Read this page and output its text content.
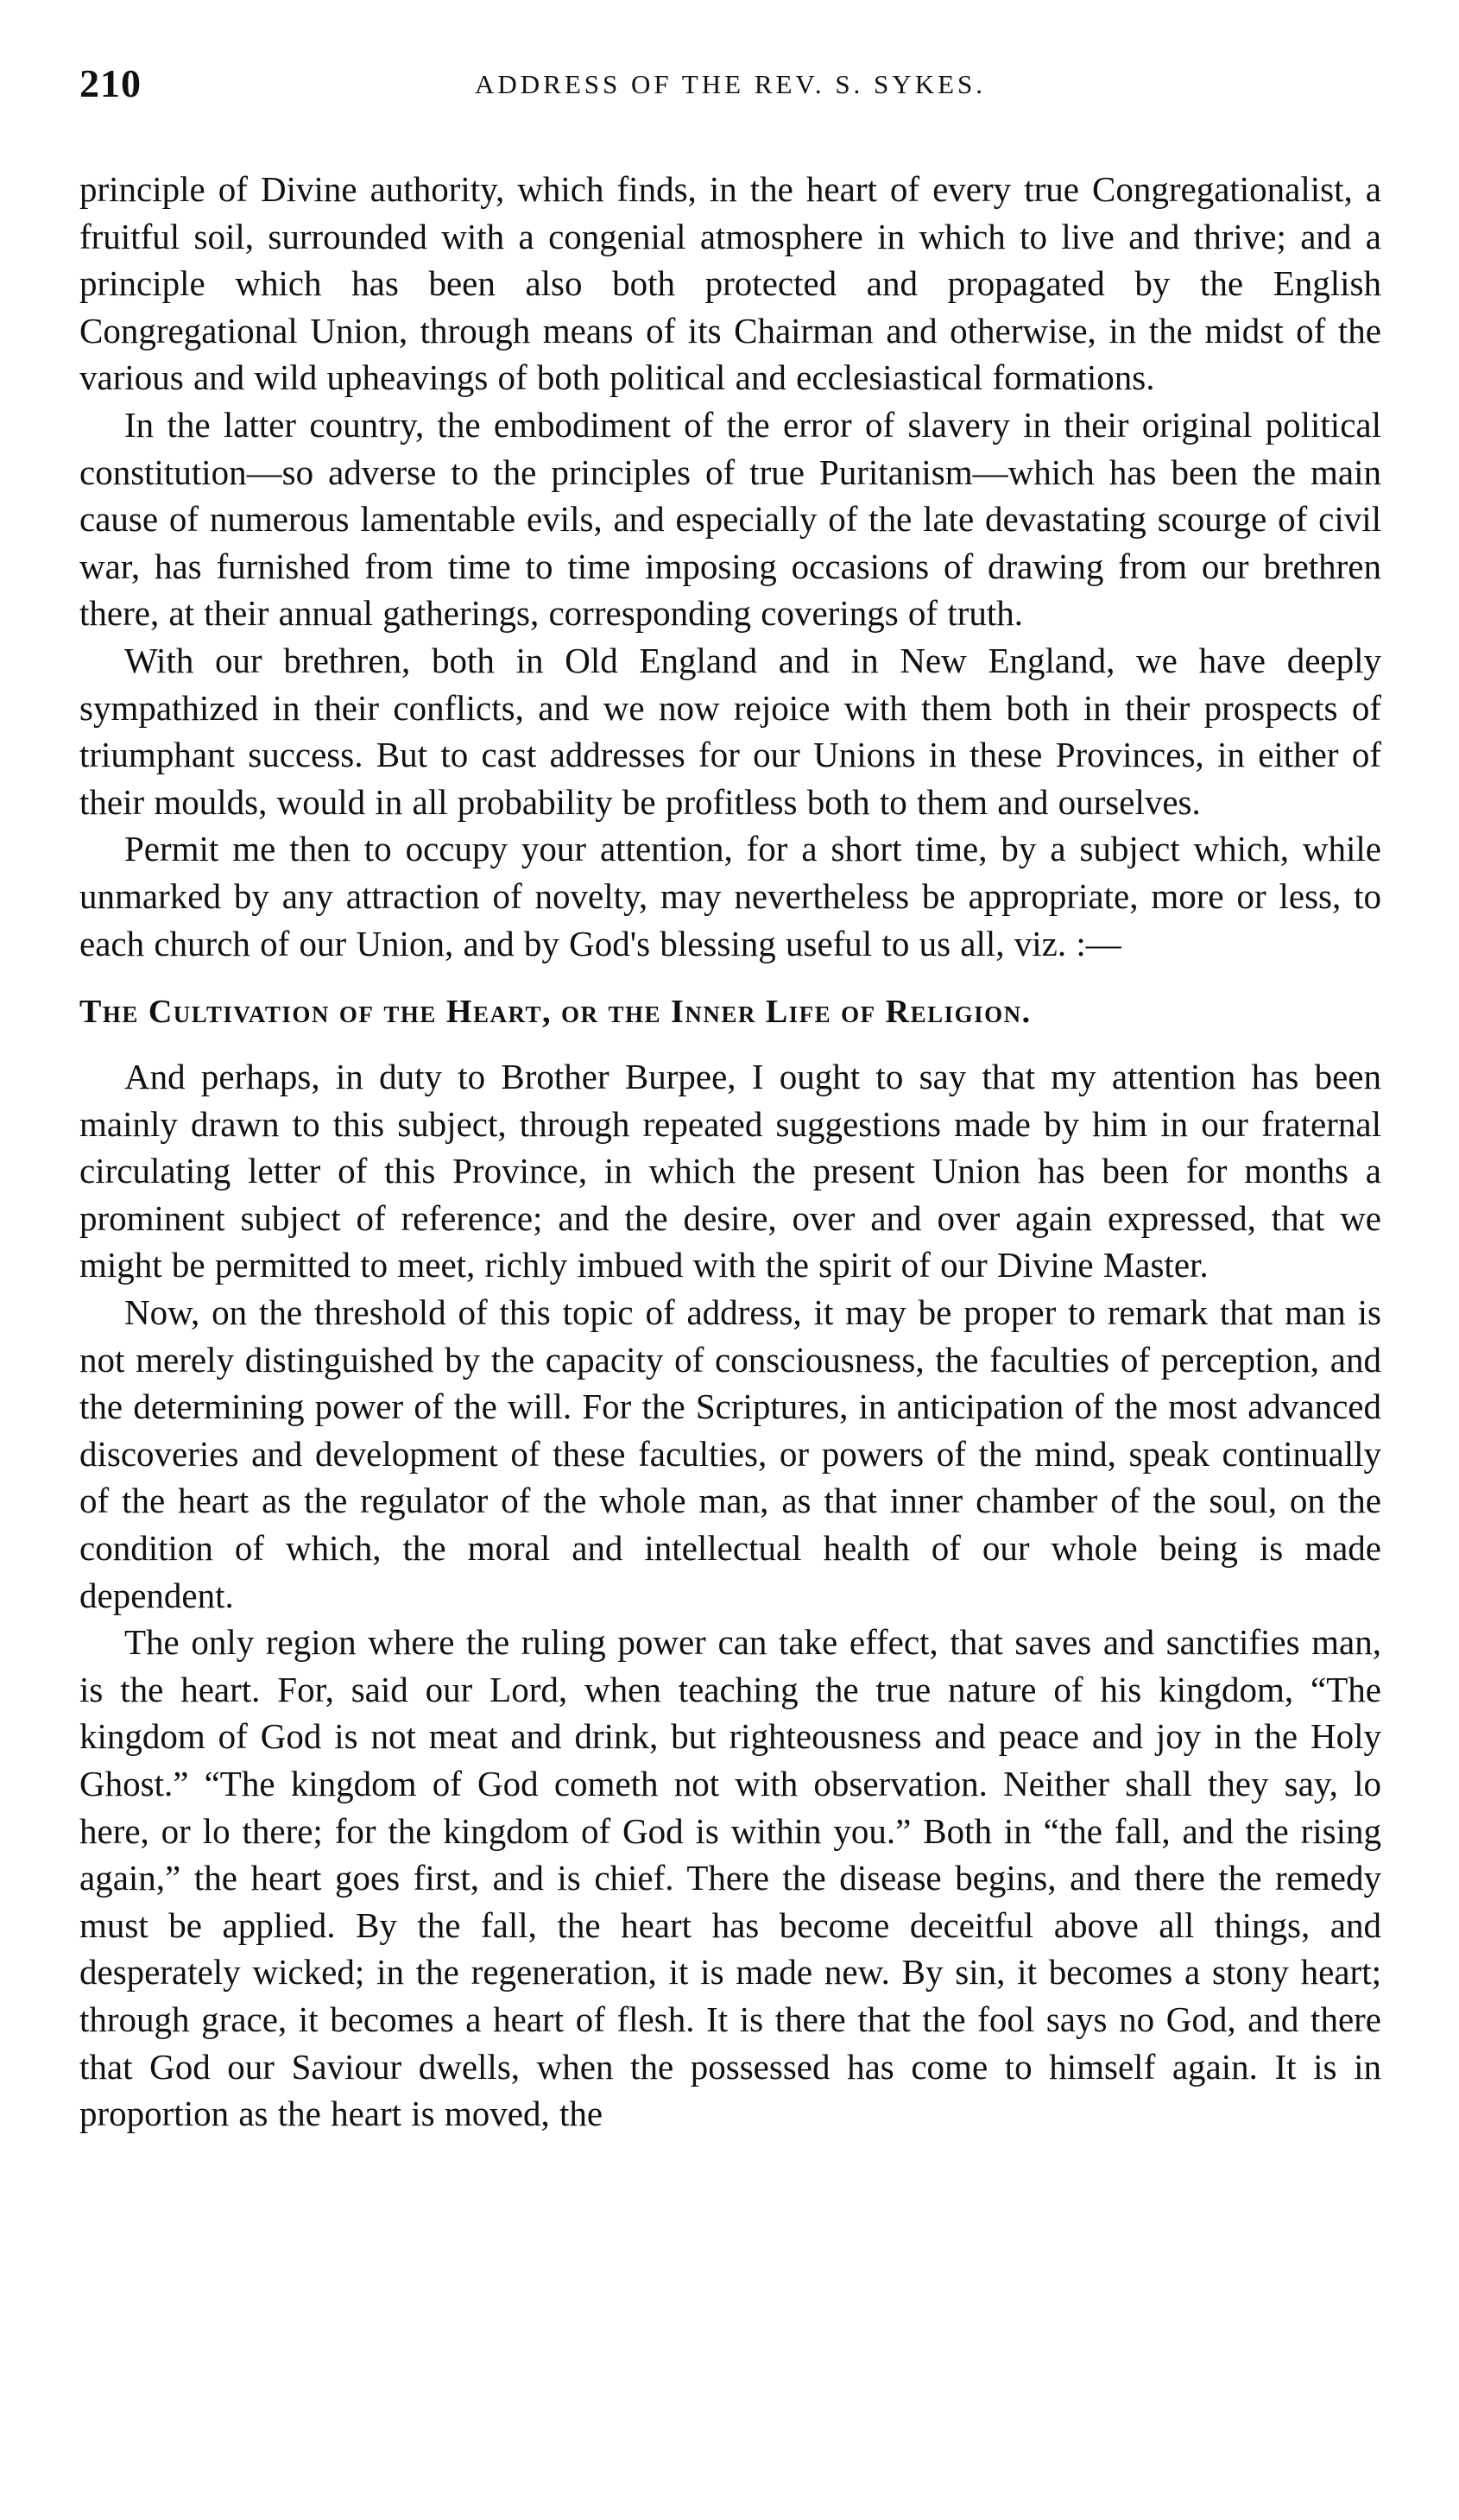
210	ADDRESS OF THE REV. S. SYKES.

principle of Divine authority, which finds, in the heart of every true Congregationalist, a fruitful soil, surrounded with a congenial atmosphere in which to live and thrive; and a principle which has been also both protected and propagated by the English Congregational Union, through means of its Chairman and otherwise, in the midst of the various and wild upheavings of both political and ecclesiastical formations.

In the latter country, the embodiment of the error of slavery in their original political constitution—so adverse to the principles of true Puritanism—which has been the main cause of numerous lamentable evils, and especially of the late devastating scourge of civil war, has furnished from time to time imposing occasions of drawing from our brethren there, at their annual gatherings, corresponding coverings of truth.

With our brethren, both in Old England and in New England, we have deeply sympathized in their conflicts, and we now rejoice with them both in their prospects of triumphant success. But to cast addresses for our Unions in these Provinces, in either of their moulds, would in all probability be profitless both to them and ourselves.

Permit me then to occupy your attention, for a short time, by a subject which, while unmarked by any attraction of novelty, may nevertheless be appropriate, more or less, to each church of our Union, and by God's blessing useful to us all, viz. :—

The Cultivation of the Heart, or the Inner Life of Religion.

And perhaps, in duty to Brother Burpee, I ought to say that my attention has been mainly drawn to this subject, through repeated suggestions made by him in our fraternal circulating letter of this Province, in which the present Union has been for months a prominent subject of reference; and the desire, over and over again expressed, that we might be permitted to meet, richly imbued with the spirit of our Divine Master.

Now, on the threshold of this topic of address, it may be proper to remark that man is not merely distinguished by the capacity of consciousness, the faculties of perception, and the determining power of the will. For the Scriptures, in anticipation of the most advanced discoveries and development of these faculties, or powers of the mind, speak continually of the heart as the regulator of the whole man, as that inner chamber of the soul, on the condition of which, the moral and intellectual health of our whole being is made dependent.

The only region where the ruling power can take effect, that saves and sanctifies man, is the heart. For, said our Lord, when teaching the true nature of his kingdom, “The kingdom of God is not meat and drink, but righteousness and peace and joy in the Holy Ghost.” “The kingdom of God cometh not with observation. Neither shall they say, lo here, or lo there; for the kingdom of God is within you.” Both in “the fall, and the rising again,” the heart goes first, and is chief. There the disease begins, and there the remedy must be applied. By the fall, the heart has become deceitful above all things, and desperately wicked; in the regeneration, it is made new. By sin, it becomes a stony heart; through grace, it becomes a heart of flesh. It is there that the fool says no God, and there that God our Saviour dwells, when the possessed has come to himself again. It is in proportion as the heart is moved, the
